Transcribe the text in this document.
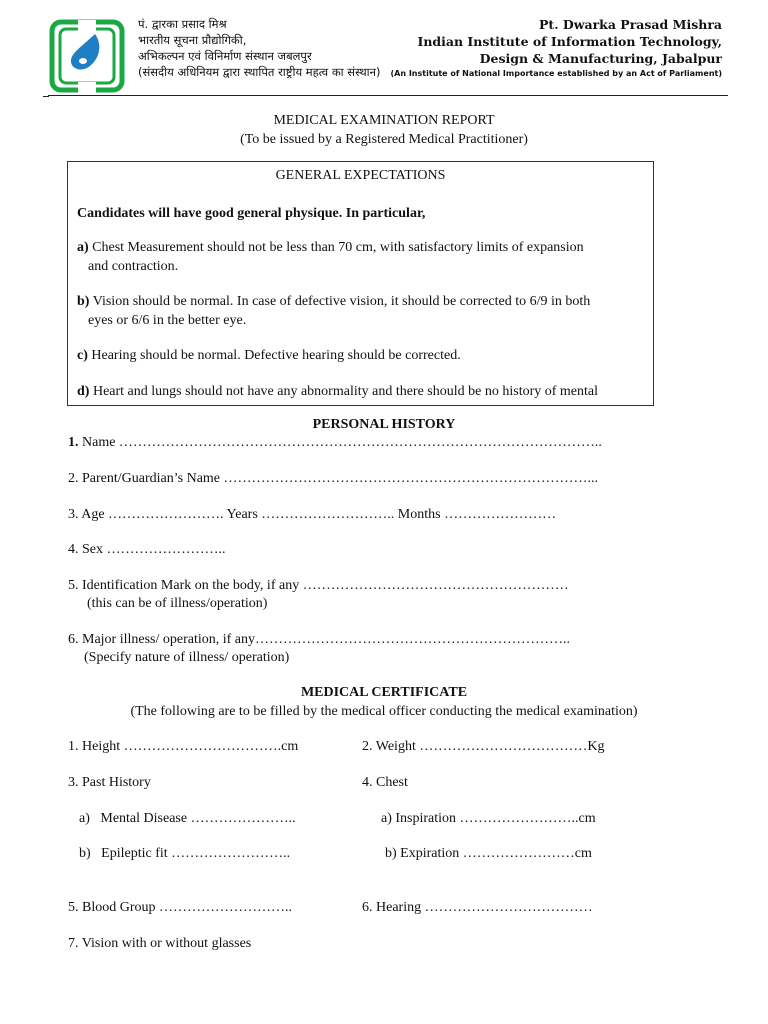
पं. द्वारका प्रसाद मिश्र
भारतीय सूचना प्रौद्योगिकी,
अभिकल्पन एवं विनिर्माण संस्थान जबलपुर
(संसदीय अधिनियम द्वारा स्थापित राष्ट्रीय महत्व का संस्थान)
Pt. Dwarka Prasad Mishra
Indian Institute of Information Technology,
Design & Manufacturing, Jabalpur
(An Institute of National Importance established by an Act of Parliament)
MEDICAL EXAMINATION REPORT
(To be issued by a Registered Medical Practitioner)
GENERAL EXPECTATIONS
Candidates will have good general physique. In particular,
a) Chest Measurement should not be less than 70 cm, with satisfactory limits of expansion
and contraction.
b) Vision should be normal. In case of defective vision, it should be corrected to 6/9 in both
eyes or 6/6 in the better eye.
c) Hearing should be normal. Defective hearing should be corrected.
d) Heart and lungs should not have any abnormality and there should be no history of mental
PERSONAL HISTORY
1. Name …………………………………………………………………………………………..
2. Parent/Guardian’s Name ……………………………………………………………………...
3. Age ……………………. Years ……………………….. Months ……………………
4. Sex ……………………..
5. Identification Mark on the body, if any …………………………………………………
(this can be of illness/operation)
6. Major illness/ operation, if any…………………………………………………………..
(Specify nature of illness/ operation)
MEDICAL CERTIFICATE
(The following are to be filled by the medical officer conducting the medical examination)
1. Height …………………………….cm	2. Weight ………………………………Kg
3. Past History	4. Chest
a)   Mental Disease …………………..	a) Inspiration ……………………..cm
b)   Epileptic fit ……………………..	b) Expiration ……………………cm
5. Blood Group ………………………..	6. Hearing ………………………………
7. Vision with or without glasses
